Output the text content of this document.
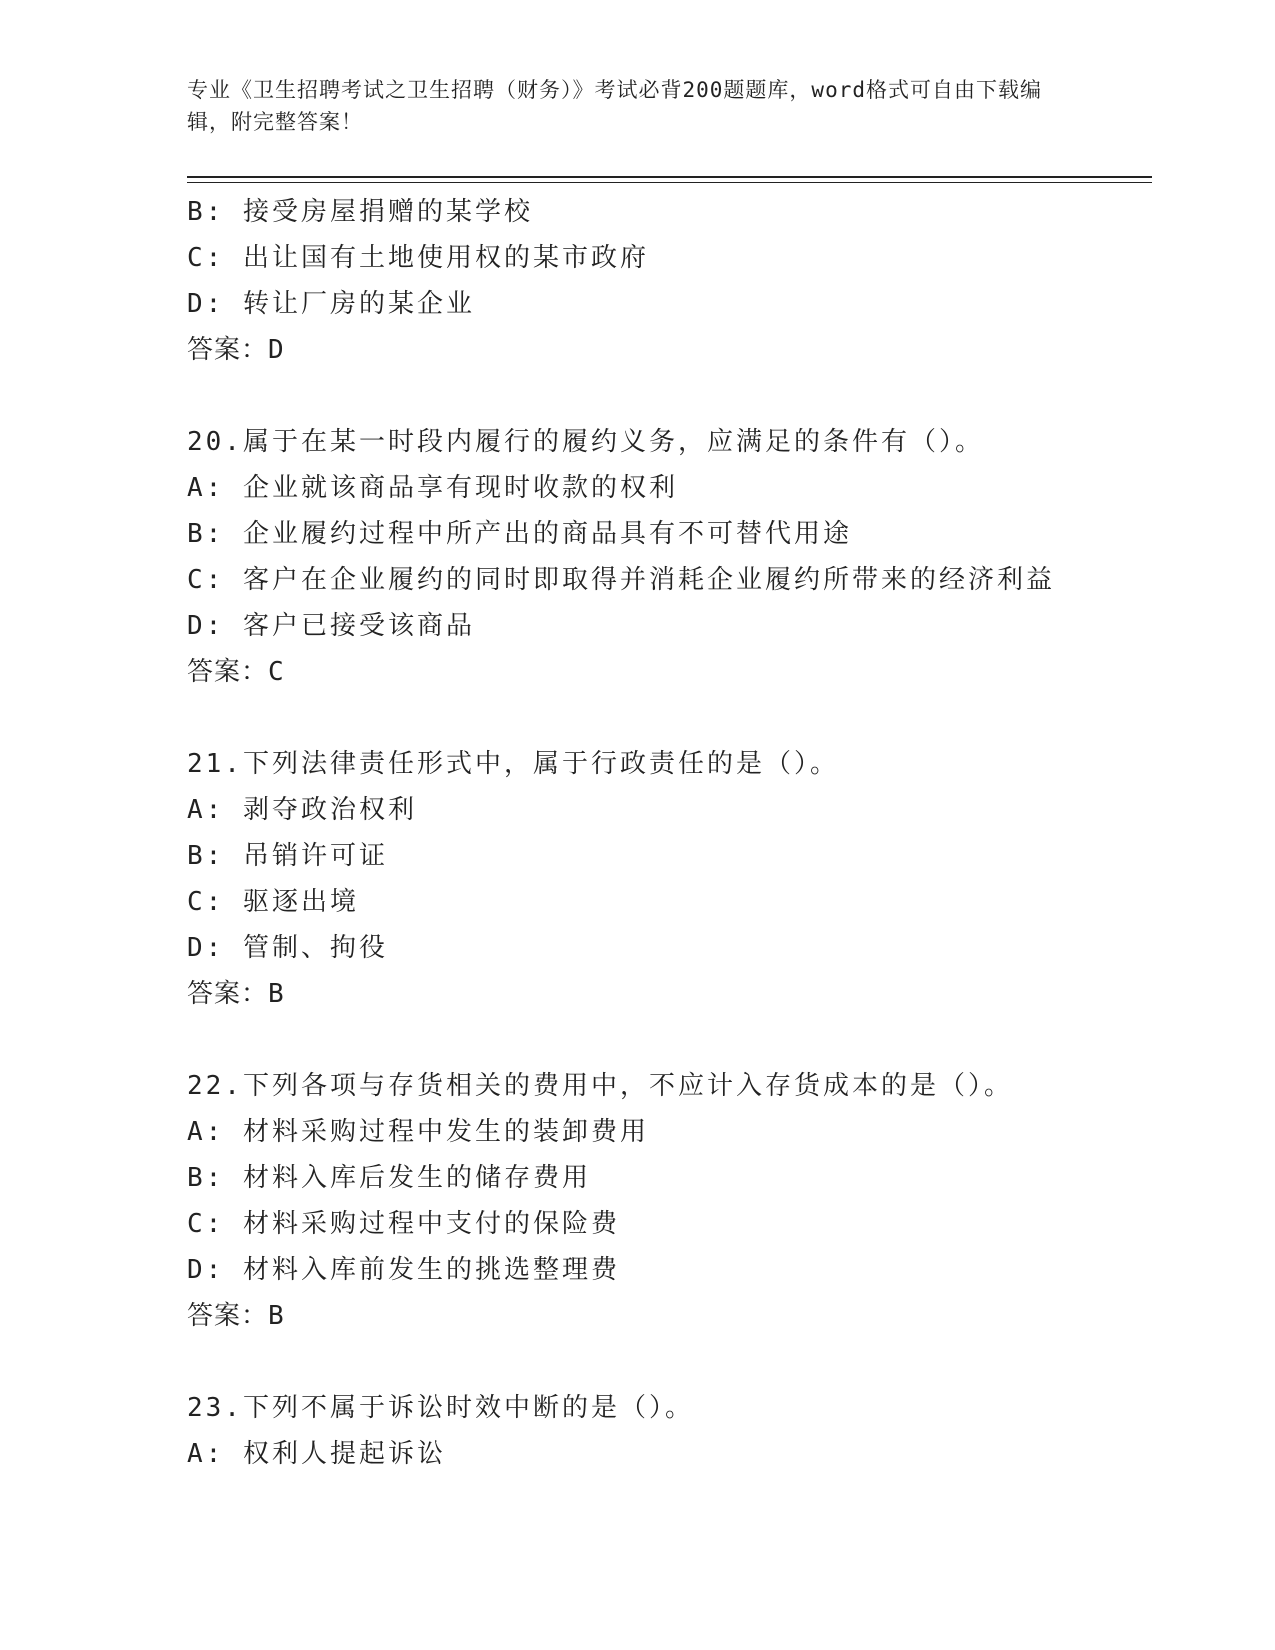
专业《卫生招聘考试之卫生招聘（财务）》考试必背200题题库，word格式可自由下载编辑，附完整答案！
B: 接受房屋捐赠的某学校
C: 出让国有土地使用权的某市政府
D: 转让厂房的某企业
答案：D
20.属于在某一时段内履行的履约义务，应满足的条件有（）。
A: 企业就该商品享有现时收款的权利
B: 企业履约过程中所产出的商品具有不可替代用途
C: 客户在企业履约的同时即取得并消耗企业履约所带来的经济利益
D: 客户已接受该商品
答案：C
21.下列法律责任形式中，属于行政责任的是（）。
A: 剥夺政治权利
B: 吊销许可证
C: 驱逐出境
D: 管制、拘役
答案：B
22.下列各项与存货相关的费用中，不应计入存货成本的是（）。
A: 材料采购过程中发生的装卸费用
B: 材料入库后发生的储存费用
C: 材料采购过程中支付的保险费
D: 材料入库前发生的挑选整理费
答案：B
23.下列不属于诉讼时效中断的是（）。
A: 权利人提起诉讼
